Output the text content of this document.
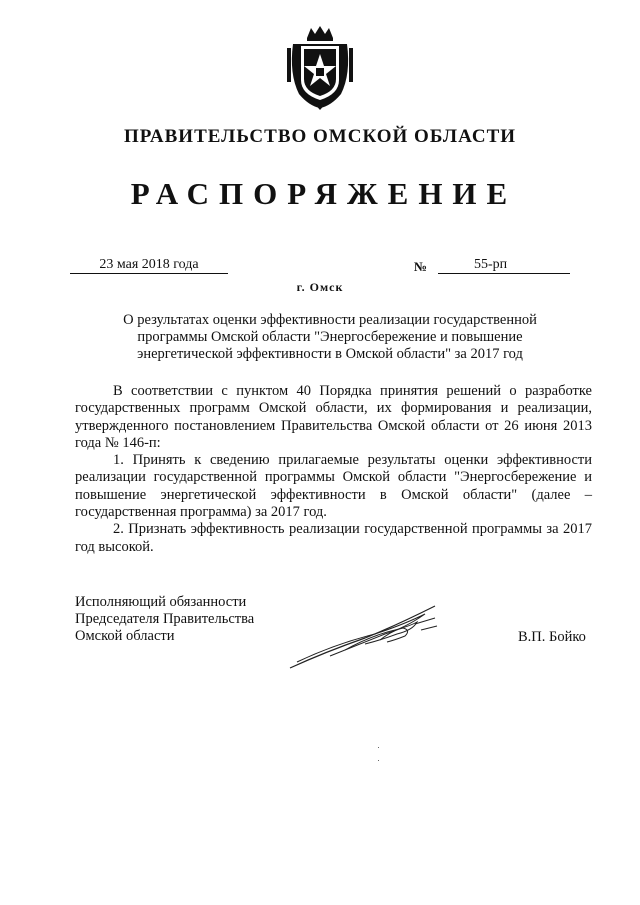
ПРАВИТЕЛЬСТВО ОМСКОЙ ОБЛАСТИ
РАСПОРЯЖЕНИЕ
23 мая 2018 года	№	55-рп
г. Омск
О результатах оценки эффективности реализации государственной программы Омской области "Энергосбережение и повышение энергетической эффективности в Омской области" за 2017 год

В соответствии с пунктом 40 Порядка принятия решений о разработке государственных программ Омской области, их формирования и реализации, утвержденного постановлением Правительства Омской области от 26 июня 2013 года № 146-п:

1. Принять к сведению прилагаемые результаты оценки эффективности реализации государственной программы Омской области "Энергосбережение и повышение энергетической эффективности в Омской области" (далее – государственная программа) за 2017 год.

2. Признать эффективность реализации государственной программы за 2017 год высокой.

Исполняющий обязанности
Председателя Правительства
Омской области	В.П. Бойко
